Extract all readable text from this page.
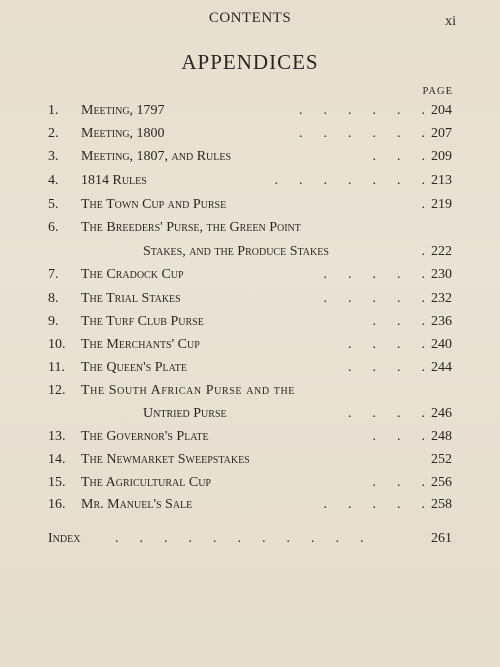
CONTENTS	xi
APPENDICES
PAGE
1.	Meeting, 1797	.      .      .      .      .      . 204
2.	Meeting, 1800	.      .      .      .      .      . 207
3.	Meeting, 1807, and Rules	.      .      . 209
4.	1814 Rules	.      .      .      .      .      .      . 213
5.	The Town Cup and Purse	. 219
6.	The Breeders' Purse, the Green Point
Stakes, and the Produce Stakes	. 222
7.	The Cradock Cup	.      .      .      .      . 230
8.	The Trial Stakes	.      .      .      .      . 232
9.	The Turf Club Purse	.      .      . 236
10.	The Merchants' Cup	.      .      .      . 240
11.	The Queen's Plate	.      .      .      . 244
12.	The South African Purse and the
Untried Purse	.      .      .      . 246
13.	The Governor's Plate	.      .      . 248
14.	The Newmarket Sweepstakes	252
15.	The Agricultural Cup	.      .      . 256
16.	Mr. Manuel's Sale	.      .      .      .      . 258
Index .      .      .      .      .      .      .      .      .      .      .	261
